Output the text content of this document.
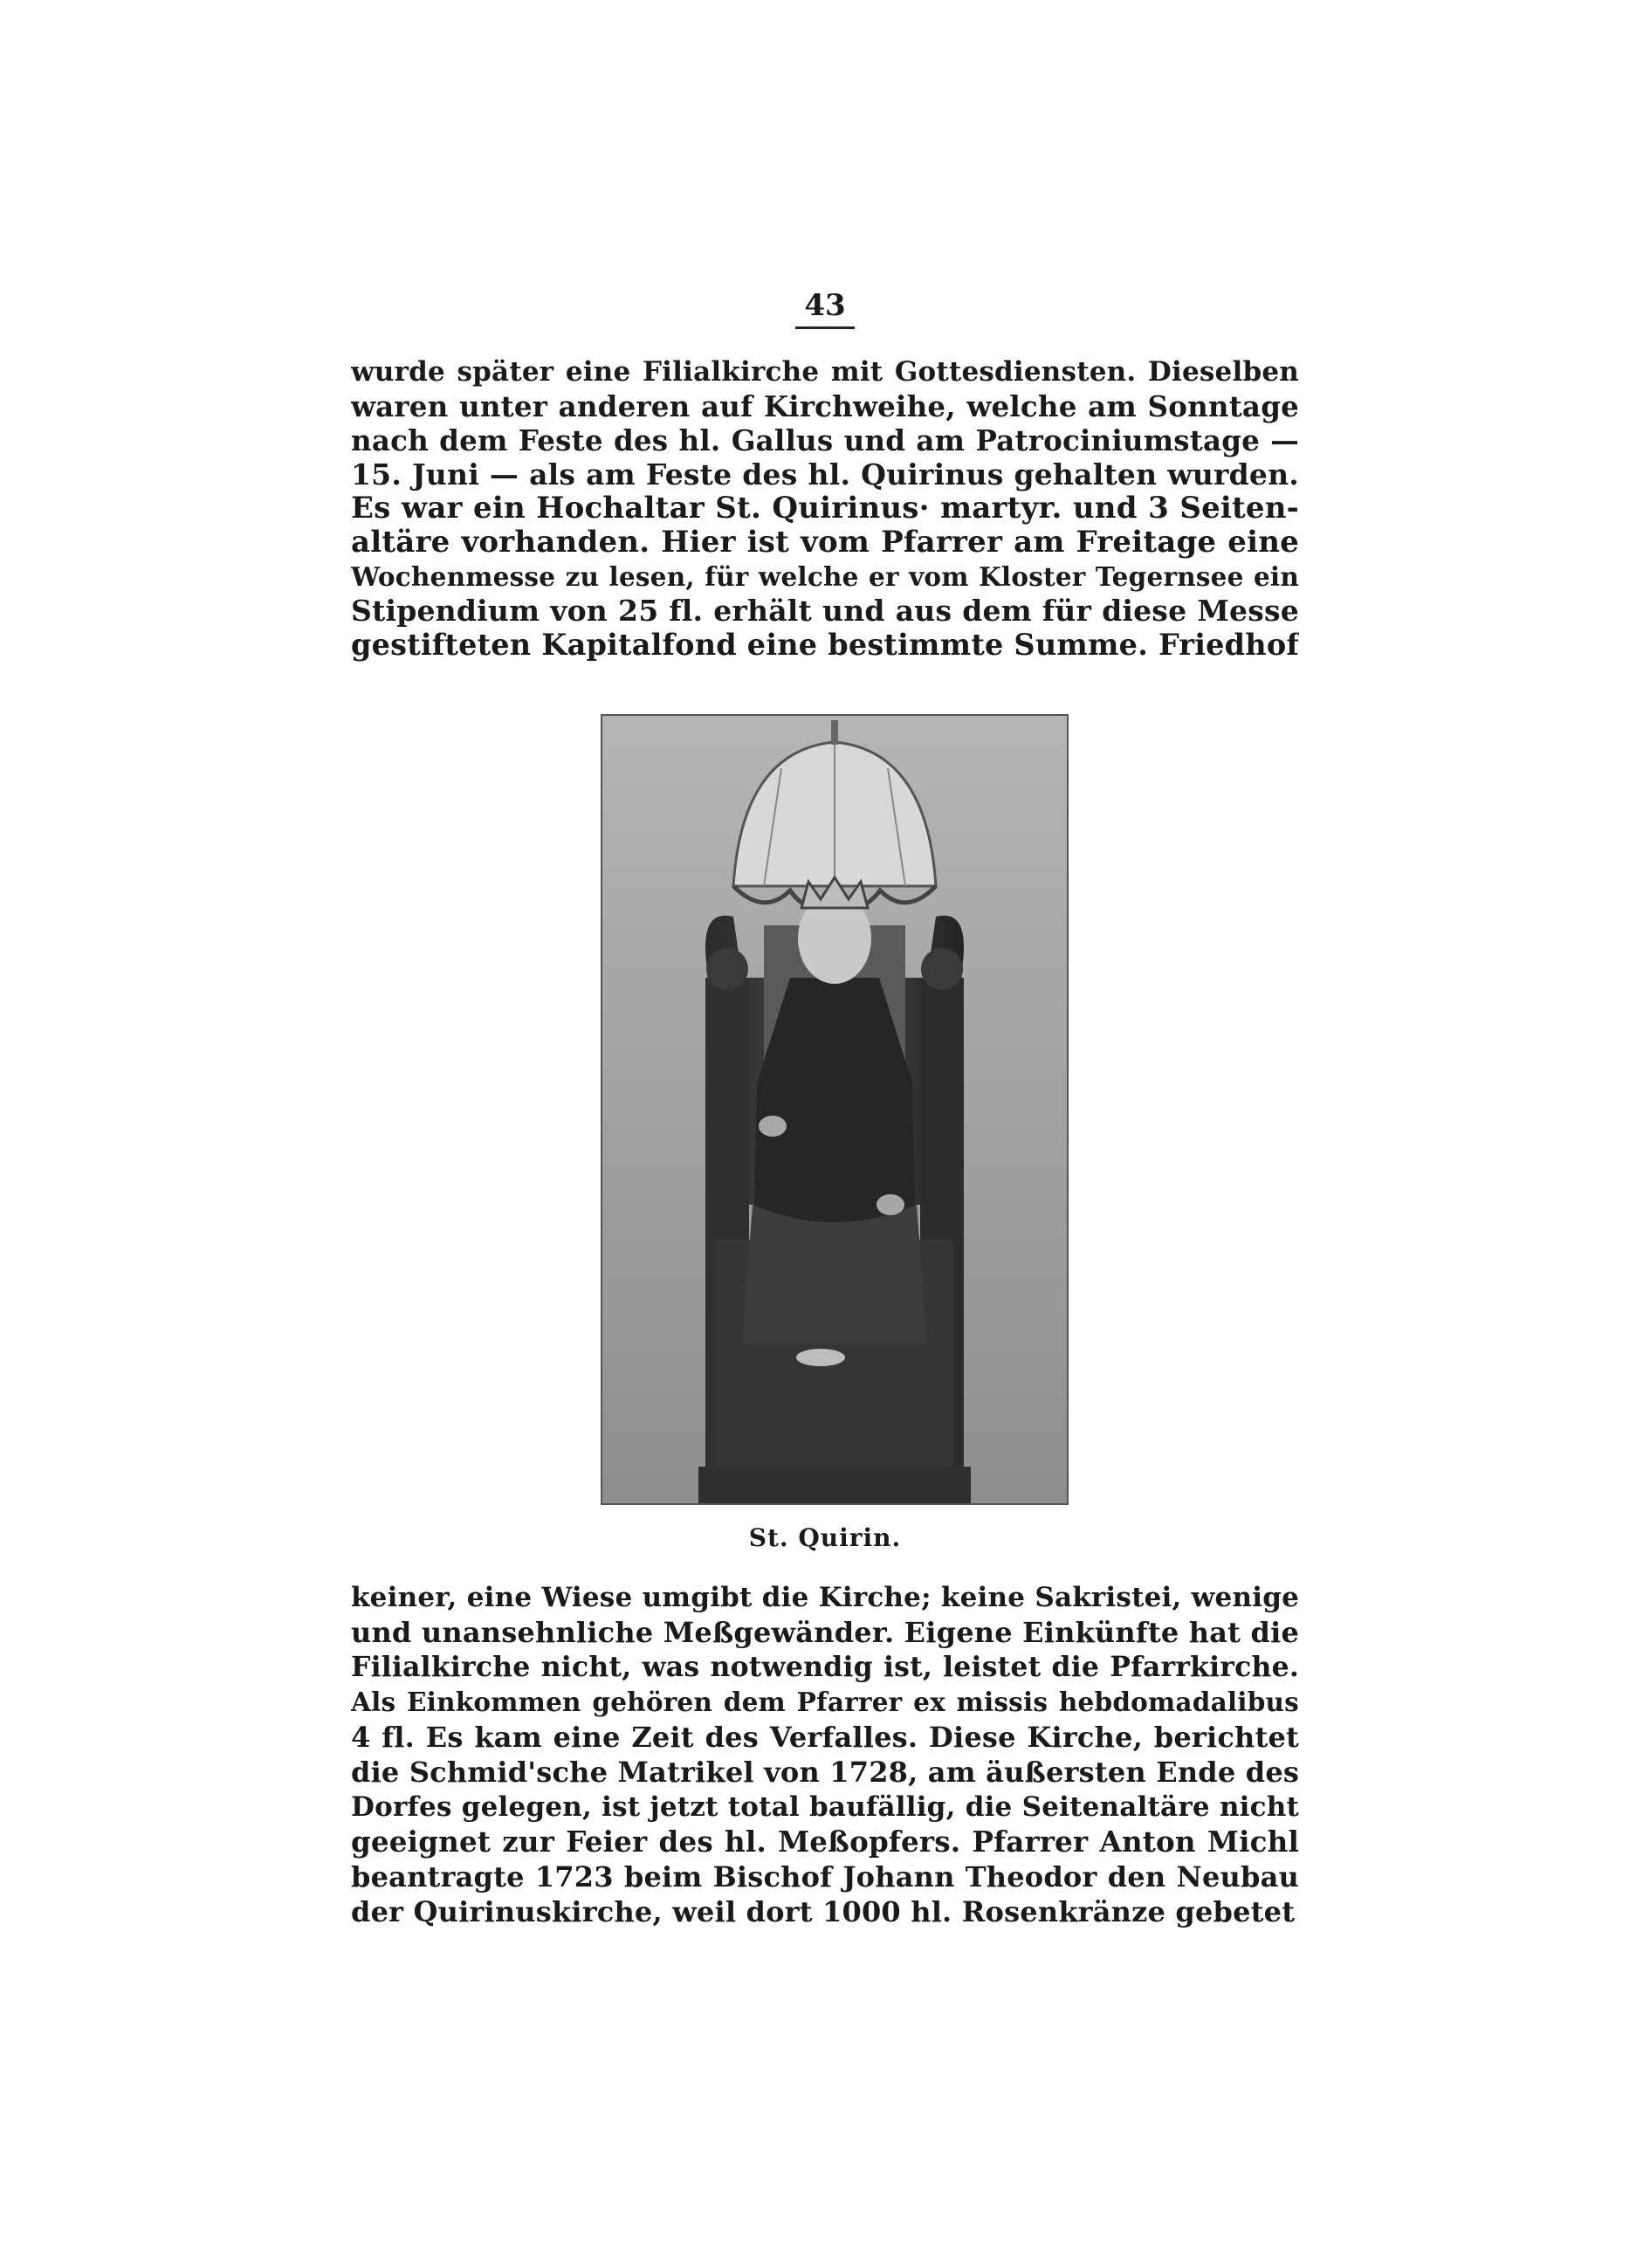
43
wurde später eine Filialkirche mit Gottesdiensten. Dieselben
waren unter anderen auf Kirchweihe, welche am Sonntage
nach dem Feste des hl. Gallus und am Patrociniumstage —
15. Juni — als am Feste des hl. Quirinus gehalten wurden.
Es war ein Hochaltar St. Quirinus· martyr. und 3 Seiten-
altäre vorhanden. Hier ist vom Pfarrer am Freitage eine
Wochenmesse zu lesen, für welche er vom Kloster Tegernsee ein
Stipendium von 25 fl. erhält und aus dem für diese Messe
gestifteten Kapitalfond eine bestimmte Summe. Friedhof
St. Quirin.
keiner, eine Wiese umgibt die Kirche; keine Sakristei, wenige
und unansehnliche Meßgewänder. Eigene Einkünfte hat die
Filialkirche nicht, was notwendig ist, leistet die Pfarrkirche.
Als Einkommen gehören dem Pfarrer ex missis hebdomadalibus
4 fl. Es kam eine Zeit des Verfalles. Diese Kirche, berichtet
die Schmid'sche Matrikel von 1728, am äußersten Ende des
Dorfes gelegen, ist jetzt total baufällig, die Seitenaltäre nicht
geeignet zur Feier des hl. Meßopfers. Pfarrer Anton Michl
beantragte 1723 beim Bischof Johann Theodor den Neubau
der Quirinuskirche, weil dort 1000 hl. Rosenkränze gebetet
